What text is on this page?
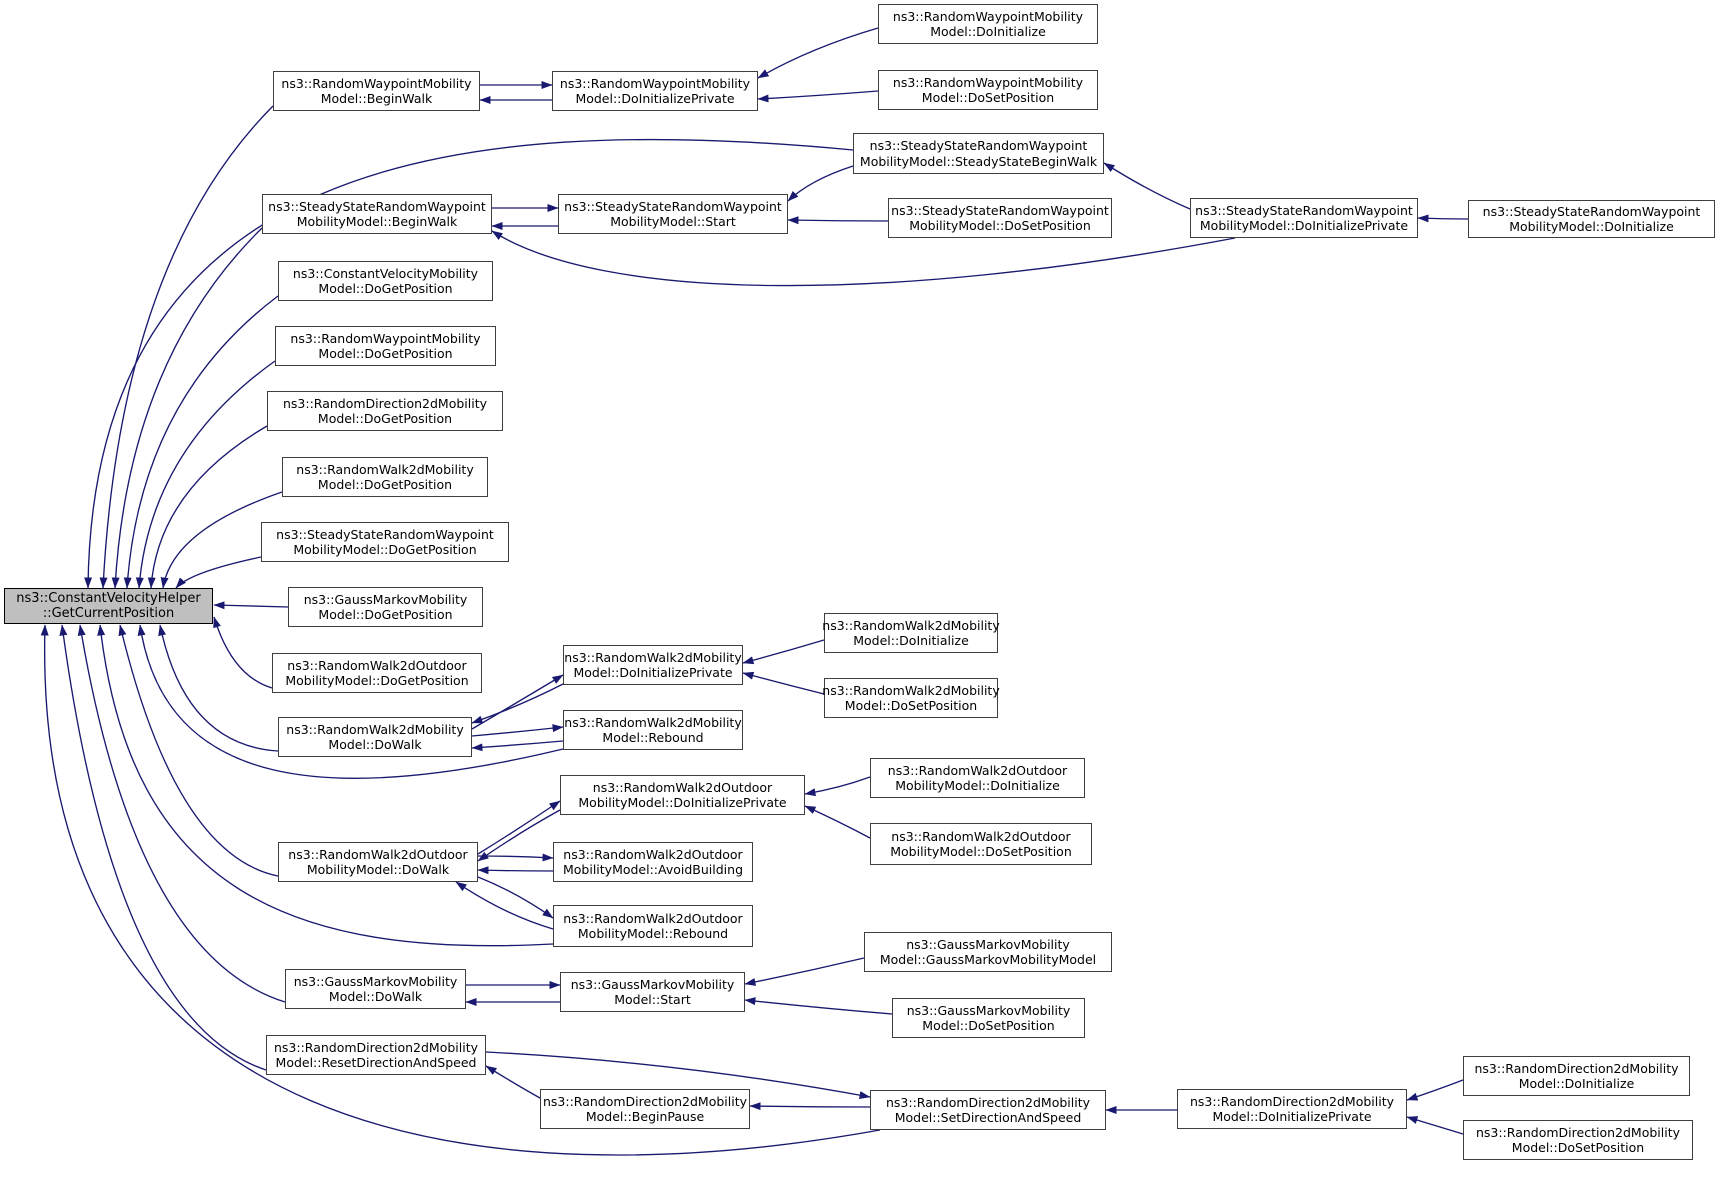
ns3::ConstantVelocityHelper
::GetCurrentPosition
ns3::RandomWaypointMobility
Model::BeginWalk
ns3::RandomWaypointMobility
Model::DoInitializePrivate
ns3::RandomWaypointMobility
Model::DoInitialize
ns3::RandomWaypointMobility
Model::DoSetPosition
ns3::SteadyStateRandomWaypoint
MobilityModel::SteadyStateBeginWalk
ns3::SteadyStateRandomWaypoint
MobilityModel::BeginWalk
ns3::SteadyStateRandomWaypoint
MobilityModel::Start
ns3::SteadyStateRandomWaypoint
MobilityModel::DoSetPosition
ns3::SteadyStateRandomWaypoint
MobilityModel::DoInitializePrivate
ns3::SteadyStateRandomWaypoint
MobilityModel::DoInitialize
ns3::ConstantVelocityMobility
Model::DoGetPosition
ns3::RandomWaypointMobility
Model::DoGetPosition
ns3::RandomDirection2dMobility
Model::DoGetPosition
ns3::RandomWalk2dMobility
Model::DoGetPosition
ns3::SteadyStateRandomWaypoint
MobilityModel::DoGetPosition
ns3::GaussMarkovMobility
Model::DoGetPosition
ns3::RandomWalk2dOutdoor
MobilityModel::DoGetPosition
ns3::RandomWalk2dMobility
Model::DoWalk
ns3::RandomWalk2dMobility
Model::DoInitializePrivate
ns3::RandomWalk2dMobility
Model::Rebound
ns3::RandomWalk2dMobility
Model::DoInitialize
ns3::RandomWalk2dMobility
Model::DoSetPosition
ns3::RandomWalk2dOutdoor
MobilityModel::DoWalk
ns3::RandomWalk2dOutdoor
MobilityModel::DoInitializePrivate
ns3::RandomWalk2dOutdoor
MobilityModel::AvoidBuilding
ns3::RandomWalk2dOutdoor
MobilityModel::Rebound
ns3::RandomWalk2dOutdoor
MobilityModel::DoInitialize
ns3::RandomWalk2dOutdoor
MobilityModel::DoSetPosition
ns3::GaussMarkovMobility
Model::DoWalk
ns3::GaussMarkovMobility
Model::Start
ns3::GaussMarkovMobility
Model::GaussMarkovMobilityModel
ns3::GaussMarkovMobility
Model::DoSetPosition
ns3::RandomDirection2dMobility
Model::ResetDirectionAndSpeed
ns3::RandomDirection2dMobility
Model::BeginPause
ns3::RandomDirection2dMobility
Model::SetDirectionAndSpeed
ns3::RandomDirection2dMobility
Model::DoInitializePrivate
ns3::RandomDirection2dMobility
Model::DoInitialize
ns3::RandomDirection2dMobility
Model::DoSetPosition
